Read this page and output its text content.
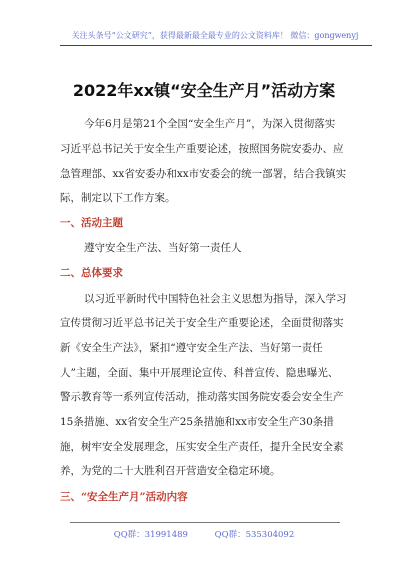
关注头条号“公文研究”，获得最新最全最专业的公文资料库！ 微信：gongwenyj
2022年xx镇“安全生产月”活动方案
今年6月是第21个全国“安全生产月”，为深入贯彻落实
习近平总书记关于安全生产重要论述，按照国务院安委办、应
急管理部、xx省安委办和xx市安委会的统一部署，结合我镇实
际，制定以下工作方案。
一、活动主题
遵守安全生产法、当好第一责任人
二、总体要求
以习近平新时代中国特色社会主义思想为指导，深入学习
宣传贯彻习近平总书记关于安全生产重要论述，全面贯彻落实
新《安全生产法》，紧扣“遵守安全生产法、当好第一责任
人”主题，全面、集中开展理论宣传、科普宣传、隐患曝光、
警示教育等一系列宣传活动，推动落实国务院安委会安全生产
15条措施、xx省安全生产25条措施和xx市安全生产30条措
施，树牢安全发展理念，压实安全生产责任，提升全民安全素
养，为党的二十大胜利召开营造安全稳定环境。
三、“安全生产月”活动内容
QQ群：31991489	QQ群：535304092
